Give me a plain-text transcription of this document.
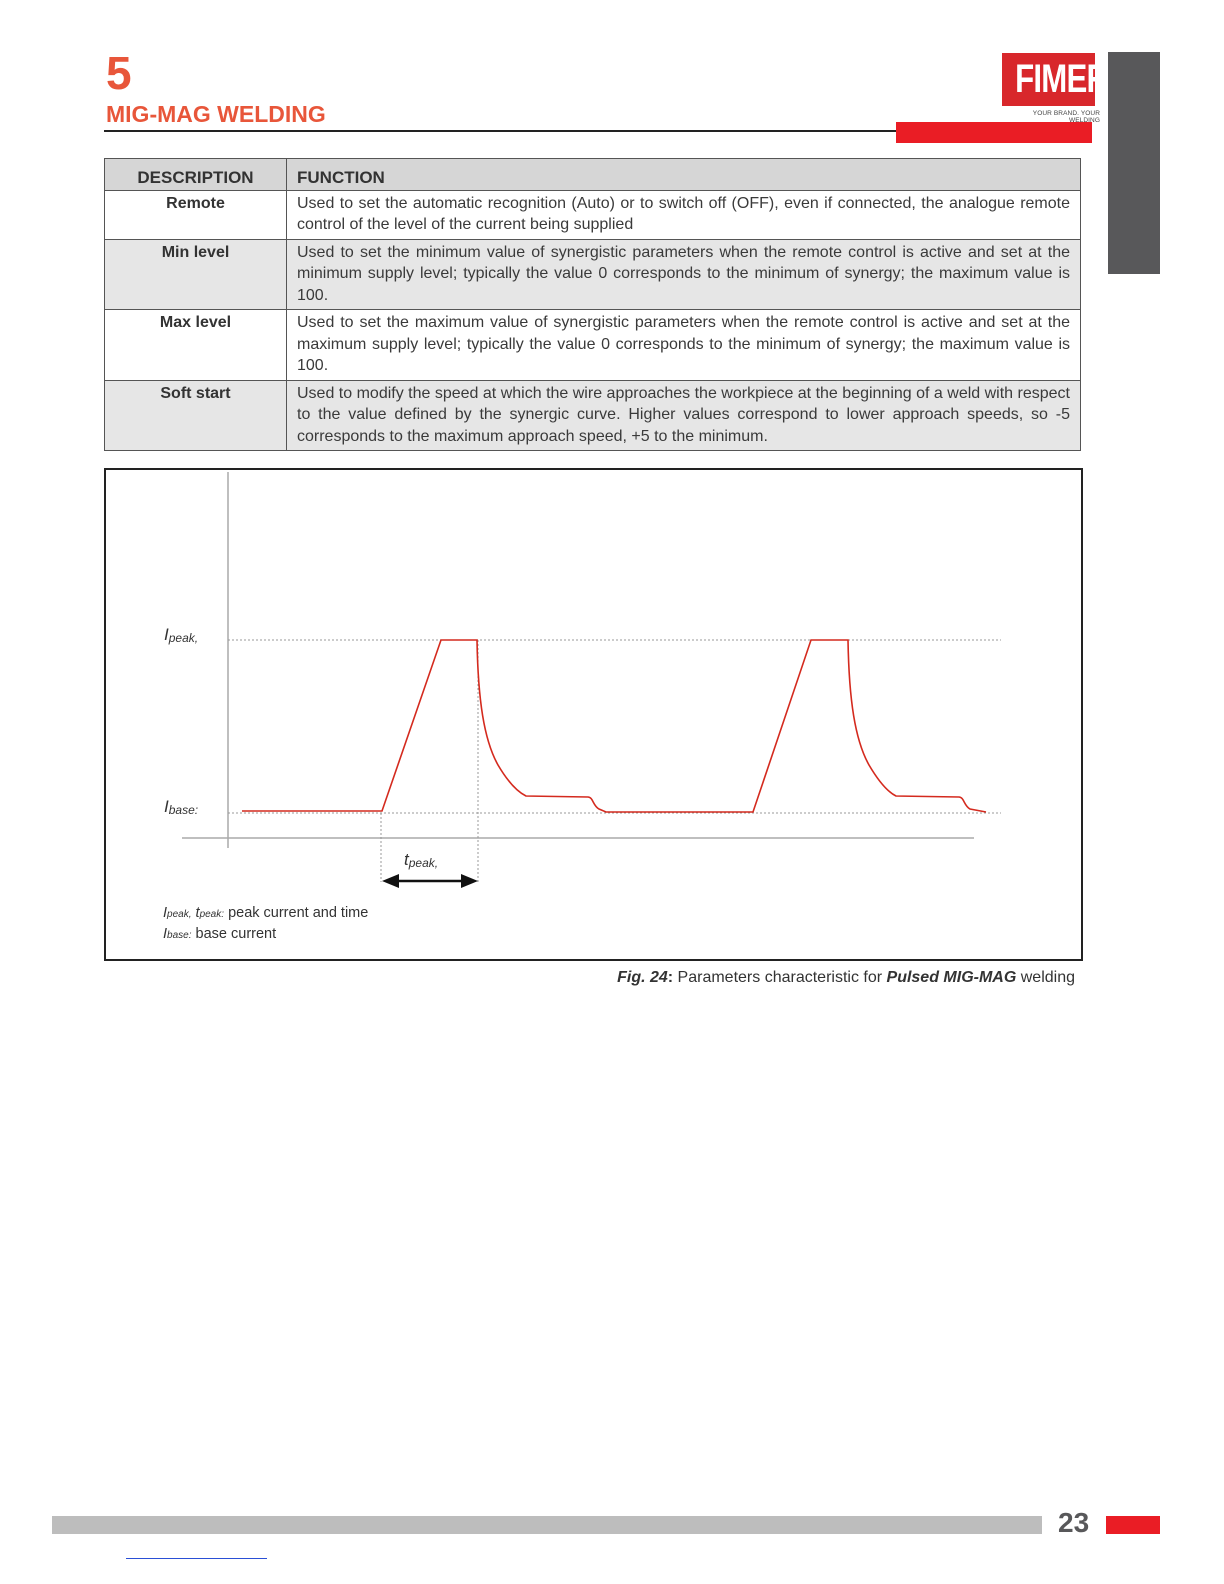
5
MIG-MAG WELDING
FIMER
YOUR BRAND. YOUR WELDING
DESCRIPTION	FUNCTION
Remote	Used to set the automatic recognition (Auto) or to switch off (OFF), even if connected, the analogue remote control of the level of the current being supplied
Min level	Used to set the minimum value of synergistic parameters when the remote control is active and set at the minimum supply level; typically the value 0 corresponds to the minimum of synergy; the maximum value is 100.
Max level	Used to set the maximum value of synergistic parameters when the remote control is active and set at the maximum supply level; typically the value 0 corresponds to the minimum of synergy; the maximum value is 100.
Soft start	Used to modify the speed at which the wire approaches the workpiece at the beginning of a weld with respect to the value defined by the synergic curve. Higher values correspond to lower approach speeds, so -5 corresponds to the maximum approach speed, +5 to the minimum.
Ipeak,
Ibase:
tpeak,
Ipeak, tpeak: peak current and time
Ibase: base current
Fig. 24: Parameters characteristic for Pulsed MIG-MAG welding
23
